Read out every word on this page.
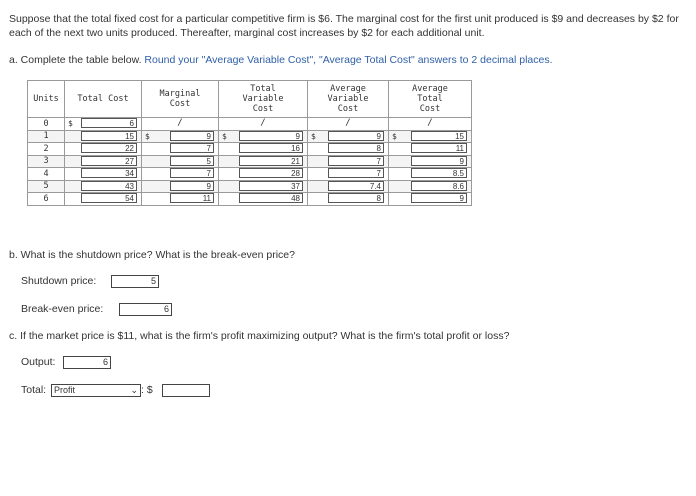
Suppose that the total fixed cost for a particular competitive firm is $6. The marginal cost for the first unit produced is $9 and decreases by $2 for each of the next two units produced. Thereafter, marginal cost increases by $2 for each additional unit.
a. Complete the table below. Round your "Average Variable Cost", "Average Total Cost" answers to 2 decimal places.
Units	Total Cost	Marginal Cost	Total Variable Cost	Average Variable Cost	Average Total Cost
0	$ 6	/	/	/	/

1	15	$ 9	$ 9	$ 9	$ 15

2	22	7	16	8	11

3	27	5	21	7	9

4	34	7	28	7	8.5

5	43	9	37	7.4	8.6

6	54	11	48	8	9
b. What is the shutdown price? What is the break-even price?
Shutdown price:	5
Break-even price:	6
c. If the market price is $11, what is the firm's profit maximizing output? What is the firm's total profit or loss?
Output:	6
Total: Profit	⌄ : $
